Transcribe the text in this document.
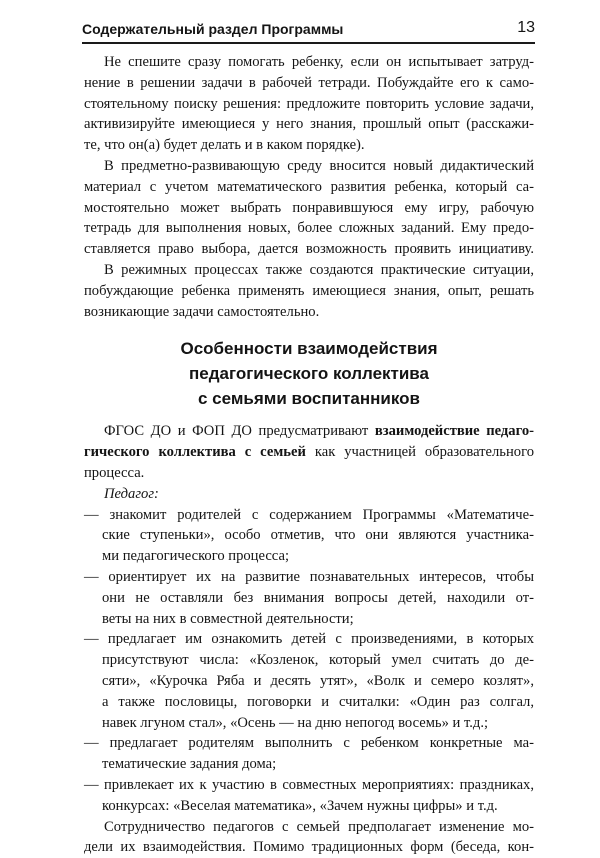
Содержательный раздел Программы	13
Не спешите сразу помогать ребенку, если он испытывает затруд-
нение в решении задачи в рабочей тетради. Побуждайте его к само-
стоятельному поиску решения: предложите повторить условие задачи,
активизируйте имеющиеся у него знания, прошлый опыт (расскажи-
те, что он(а) будет делать и в каком порядке).
В предметно-развивающую среду вносится новый дидактический
материал с учетом математического развития ребенка, который са-
мостоятельно может выбрать понравившуюся ему игру, рабочую
тетрадь для выполнения новых, более сложных заданий. Ему предо-
ставляется право выбора, дается возможность проявить инициативу.
В режимных процессах также создаются практические ситуации,
побуждающие ребенка применять имеющиеся знания, опыт, решать
возникающие задачи самостоятельно.
Особенности взаимодействия
педагогического коллектива
с семьями воспитанников
ФГОС ДО и ФОП ДО предусматривают взаимодействие педаго-
гического коллектива с семьей как участницей образовательного
процесса.
Педагог:
— знакомит родителей с содержанием Программы «Математиче-
ские ступеньки», особо отметив, что они являются участника-
ми педагогического процесса;
— ориентирует их на развитие познавательных интересов, чтобы
они не оставляли без внимания вопросы детей, находили от-
веты на них в совместной деятельности;
— предлагает им ознакомить детей с произведениями, в которых
присутствуют числа: «Козленок, который умел считать до де-
сяти», «Курочка Ряба и десять утят», «Волк и семеро козлят»,
а также пословицы, поговорки и считалки: «Один раз солгал,
навек лгуном стал», «Осень — на дню непогод восемь» и т.д.;
— предлагает родителям выполнить с ребенком конкретные ма-
тематические задания дома;
— привлекает их к участию в совместных мероприятиях: праздниках,
конкурсах: «Веселая математика», «Зачем нужны цифры» и т.д.
Сотрудничество педагогов с семьей предполагает изменение мо-
дели их взаимодействия. Помимо традиционных форм (беседа, кон-
